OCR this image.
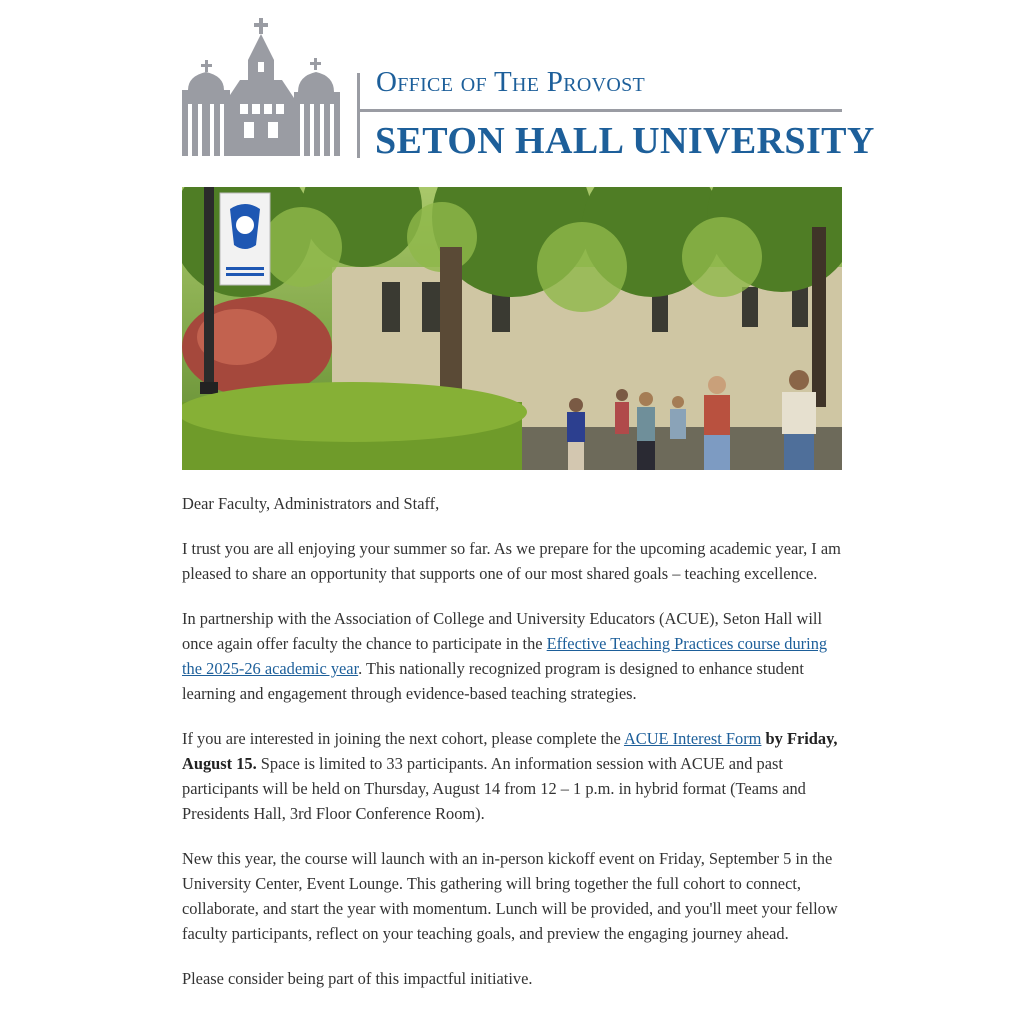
Office of The Provost
SETON HALL UNIVERSITY

Dear Faculty, Administrators and Staff,

I trust you are all enjoying your summer so far. As we prepare for the upcoming academic year, I am pleased to share an opportunity that supports one of our most shared goals – teaching excellence.

In partnership with the Association of College and University Educators (ACUE), Seton Hall will once again offer faculty the chance to participate in the Effective Teaching Practices course during the 2025-26 academic year. This nationally recognized program is designed to enhance student learning and engagement through evidence-based teaching strategies.

If you are interested in joining the next cohort, please complete the ACUE Interest Form by Friday, August 15. Space is limited to 33 participants. An information session with ACUE and past participants will be held on Thursday, August 14 from 12 – 1 p.m. in hybrid format (Teams and Presidents Hall, 3rd Floor Conference Room).

New this year, the course will launch with an in-person kickoff event on Friday, September 5 in the University Center, Event Lounge. This gathering will bring together the full cohort to connect, collaborate, and start the year with momentum. Lunch will be provided, and you'll meet your fellow faculty participants, reflect on your teaching goals, and preview the engaging journey ahead.

Please consider being part of this impactful initiative.
